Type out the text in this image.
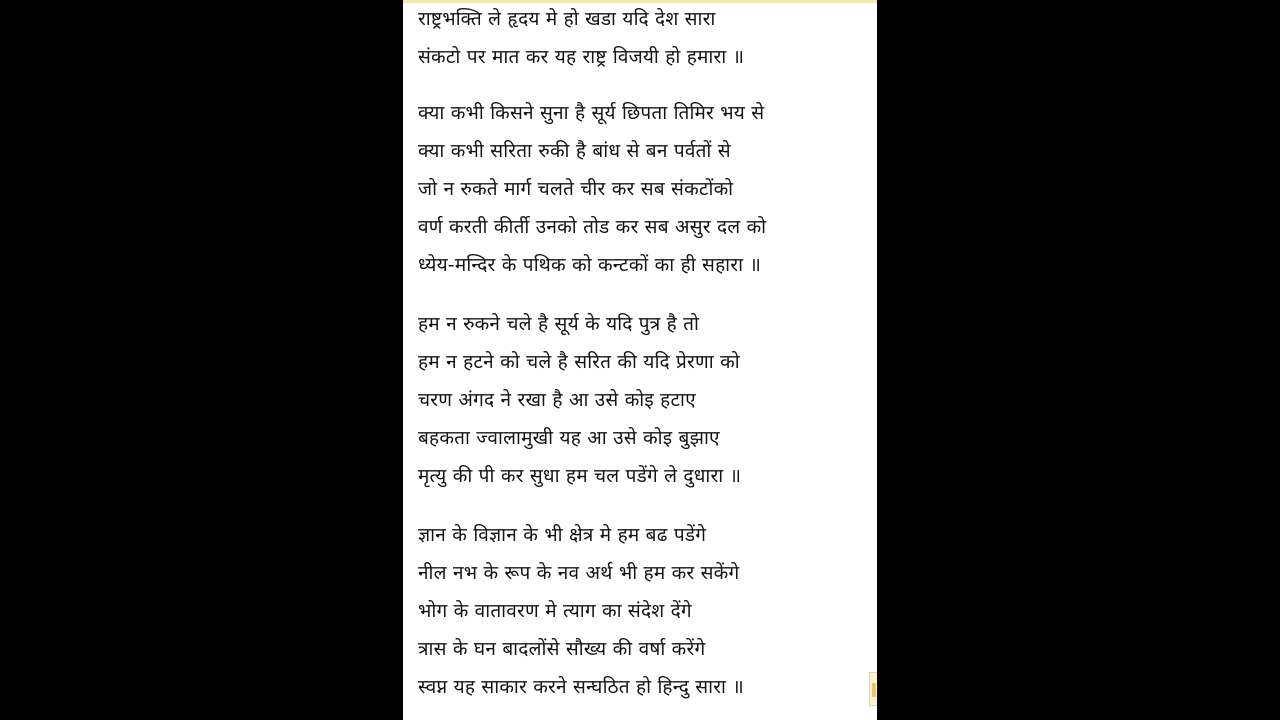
राष्ट्रभक्ति ले हृदय मे हो खडा यदि देश सारा
संकटो पर मात कर यह राष्ट्र विजयी हो हमारा ॥
क्या कभी किसने सुना है सूर्य छिपता तिमिर भय से
क्या कभी सरिता रुकी है बांध से बन पर्वतों से
जो न रुकते मार्ग चलते चीर कर सब संकटोंको
वर्ण करती कीर्ती उनको तोड कर सब असुर दल को
ध्येय-मन्दिर के पथिक को कन्टकों का ही सहारा ॥
हम न रुकने चले है सूर्य के यदि पुत्र है तो
हम न हटने को चले है सरित की यदि प्रेरणा को
चरण अंगद ने रखा है आ उसे कोइ हटाए
बहकता ज्वालामुखी यह आ उसे कोइ बुझाए
मृत्यु की पी कर सुधा हम चल पडेंगे ले दुधारा ॥
ज्ञान के विज्ञान के भी क्षेत्र मे हम बढ पडेंगे
नील नभ के रूप के नव अर्थ भी हम कर सकेंगे
भोग के वातावरण मे त्याग का संदेश देंगे
त्रास के घन बादलोंसे सौख्य की वर्षा करेंगे
स्वप्न यह साकार करने सन्घठित हो हिन्दु सारा ॥
